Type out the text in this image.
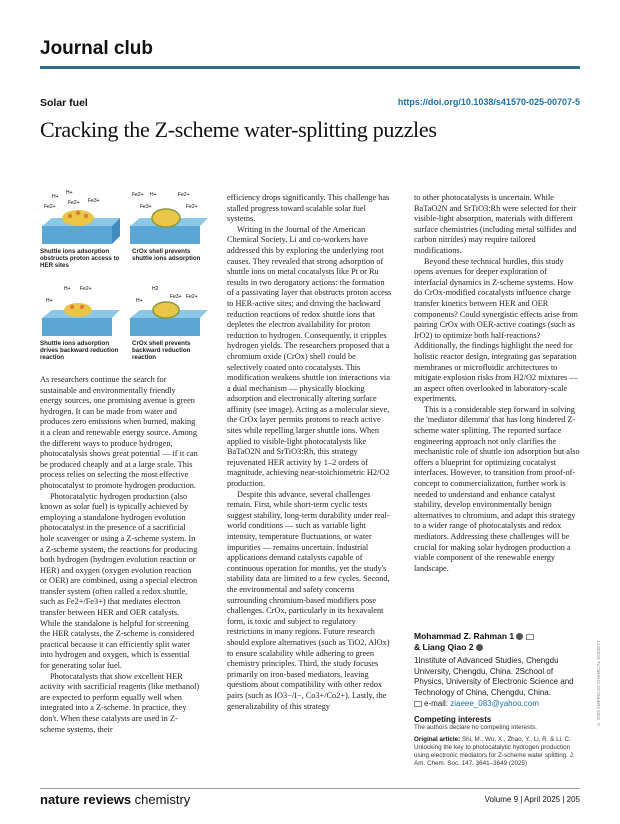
Journal club
Solar fuel	https://doi.org/10.1038/s41570-025-00707-5
Cracking the Z-scheme water-splitting puzzles
H+
H+
Fe2+
Fe2+ Fe3+
Fe2+ H+	Fe2+
Fe3+	Fe2+
H+ Fe2+
H+
H2
Fe3+ Fe2+
H+
Shuttle ions adsorption obstructs proton access to HER sites
CrOx shell prevents shuttle ions adsorption
Shuttle ions adsorption drives backward reduction reaction
CrOx shell prevents backward reduction reaction

As researchers continue the search for sustainable and environmentally friendly energy sources, one promising avenue is green hydrogen. It can be made from water and produces zero emissions when burned, making it a clean and renewable energy source. Among the different ways to produce hydrogen, photocatalysis shows great potential — if it can be produced cheaply and at a large scale. This process relies on selecting the most effective photocatalyst to promote hydrogen production.

Photocatalytic hydrogen production (also known as solar fuel) is typically achieved by employing a standalone hydrogen evolution photocatalyst in the presence of a sacrificial hole scavenger or using a Z-scheme system. In a Z-scheme system, the reactions for producing both hydrogen (hydrogen evolution reaction or HER) and oxygen (oxygen evolution reaction or OER) are combined, using a special electron transfer system (often called a redox shuttle, such as Fe2+/Fe3+) that mediates electron transfer between HER and OER catalysts. While the standalone is helpful for screening the HER catalysts, the Z-scheme is considered practical because it can efficiently split water into hydrogen and oxygen, which is essential for generating solar fuel.

Photocatalysts that show excellent HER activity with sacrificial reagents (like methanol) are expected to perform equally well when integrated into a Z-scheme. In practice, they don't. When these catalysts are used in Z-scheme systems, their

efficiency drops significantly. This challenge has stalled progress toward scalable solar fuel systems.

Writing in the Journal of the American Chemical Society, Li and co-workers have addressed this by exploring the underlying root causes. They revealed that strong adsorption of shuttle ions on metal cocatalysts like Pt or Ru results in two derogatory actions: the formation of a passivating layer that obstructs proton access to HER-active sites; and driving the backward reduction reactions of redox shuttle ions that depletes the electron availability for proton reduction to hydrogen. Consequently, it cripples hydrogen yields. The researchers proposed that a chromium oxide (CrOx) shell could be selectively coated onto cocatalysts. This modification weakens shuttle ion interactions via a dual mechanism — physically blocking adsorption and electronically altering surface affinity (see image). Acting as a molecular sieve, the CrOx layer permits protons to reach active sites while repelling larger shuttle ions. When applied to visible-light photocatalysts like BaTaO2N and SrTiO3:Rh, this strategy rejuvenated HER activity by 1–2 orders of magnitude, achieving near-stoichiometric H2/O2 production.

Despite this advance, several challenges remain. First, while short-term cyclic tests suggest stability, long-term durability under real-world conditions — such as variable light intensity, temperature fluctuations, or water impurities — remains uncertain. Industrial applications demand catalysts capable of continuous operation for months, yet the study's stability data are limited to a few cycles. Second, the environmental and safety concerns surrounding chromium-based modifiers pose challenges. CrOx, particularly in its hexavalent form, is toxic and subject to regulatory restrictions in many regions. Future research should explore alternatives (such as TiO2, AlOx) to ensure scalability while adhering to green chemistry principles. Third, the study focuses primarily on iron-based mediators, leaving questions about compatibility with other redox pairs (such as IO3−/I−, Co3+/Co2+). Lastly, the generalizability of this strategy

to other photocatalysts is uncertain. While BaTaO2N and SrTiO3:Rh were selected for their visible-light absorption, materials with different surface chemistries (including metal sulfides and carbon nitrides) may require tailored modifications.

Beyond these technical hurdles, this study opens avenues for deeper exploration of interfacial dynamics in Z-scheme systems. How do CrOx-modified cocatalysts influence charge transfer kinetics between HER and OER components? Could synergistic effects arise from pairing CrOx with OER-active coatings (such as IrO2) to optimize both half-reactions? Additionally, the findings highlight the need for holistic reactor design, integrating gas separation membranes or microfluidic architectures to mitigate explosion risks from H2/O2 mixtures — an aspect often overlooked in laboratory-scale experiments.

This is a considerable step forward in solving the 'mediator dilemma' that has long hindered Z-scheme water splitting. The reported surface engineering approach not only clarifies the mechanistic role of shuttle ion adsorption but also offers a blueprint for optimizing cocatalyst interfaces. However, to transition from proof-of-concept to commercialization, further work is needed to understand and enhance catalyst stability, develop environmentally benign alternatives to chromium, and adapt this strategy to a wider range of photocatalysts and redox mediators. Addressing these challenges will be crucial for making solar hydrogen production a viable component of the renewable energy landscape.

Mohammad Z. Rahman 1
& Liang Qiao 2
1Institute of Advanced Studies, Chengdu University, Chengdu, China. 2School of Physics, University of Electronic Science and Technology of China, Chengdu, China.
e-mail: ziaeee_083@yahoo.com
Competing interests
The authors declare no competing interests.
Original article: Shi, M., Wu, X., Zhao, Y., Li, R. & Li, C. Unlocking the key to photocatalytic hydrogen production using electronic mediators for Z-scheme water splitting. J. Am. Chem. Soc. 147, 3641–3649 (2025)
© 2025 AMERICAN CHEMICAL SOCIETY
nature reviews chemistry	Volume 9 | April 2025 | 205
